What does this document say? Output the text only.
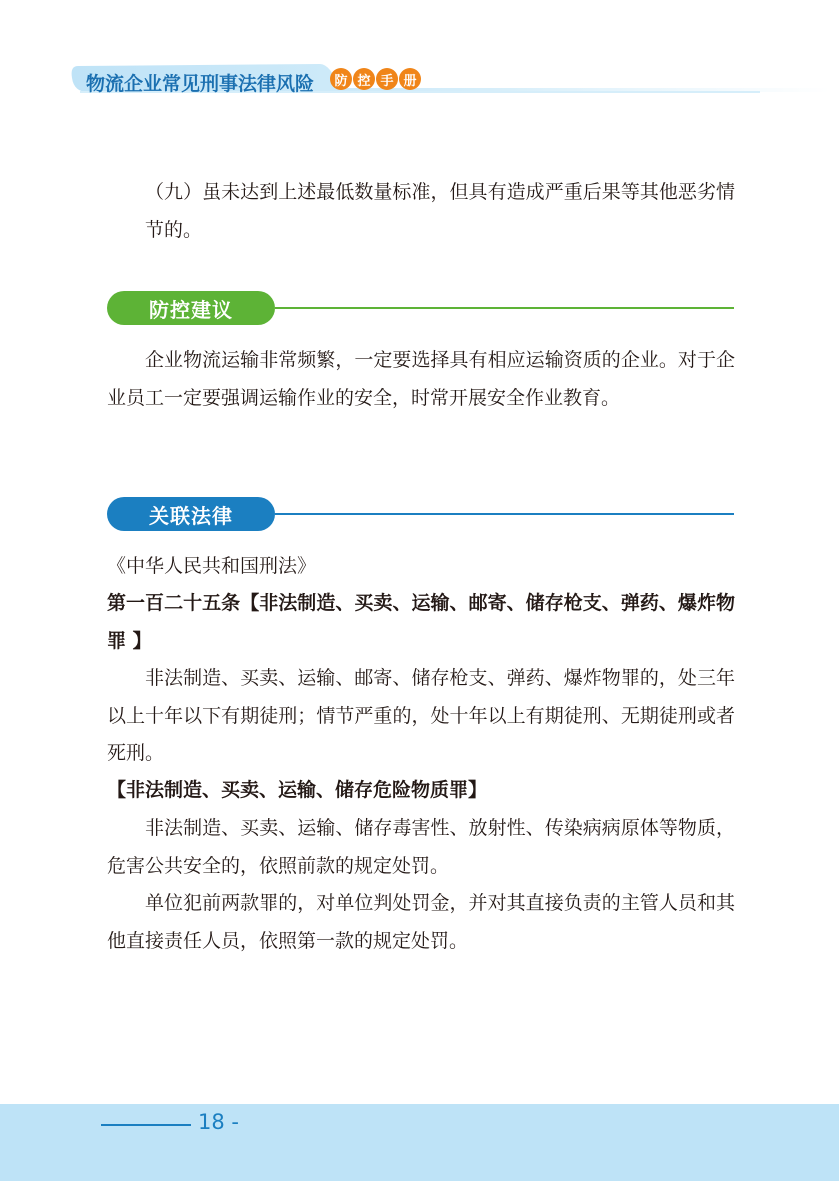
物流企业常见刑事法律风险	防 控 手 册

（九）虽未达到上述最低数量标准，但具有造成严重后果等其他恶劣情节的。

防控建议

企业物流运输非常频繁，一定要选择具有相应运输资质的企业。对于企业员工一定要强调运输作业的安全，时常开展安全作业教育。

关联法律

《中华人民共和国刑法》

第一百二十五条【非法制造、买卖、运输、邮寄、储存枪支、弹药、爆炸物罪 】

非法制造、买卖、运输、邮寄、储存枪支、弹药、爆炸物罪的，处三年以上十年以下有期徒刑；情节严重的，处十年以上有期徒刑、无期徒刑或者死刑。

【非法制造、买卖、运输、储存危险物质罪】

非法制造、买卖、运输、储存毒害性、放射性、传染病病原体等物质，危害公共安全的，依照前款的规定处罚。

单位犯前两款罪的，对单位判处罚金，并对其直接负责的主管人员和其他直接责任人员，依照第一款的规定处罚。

18 -
